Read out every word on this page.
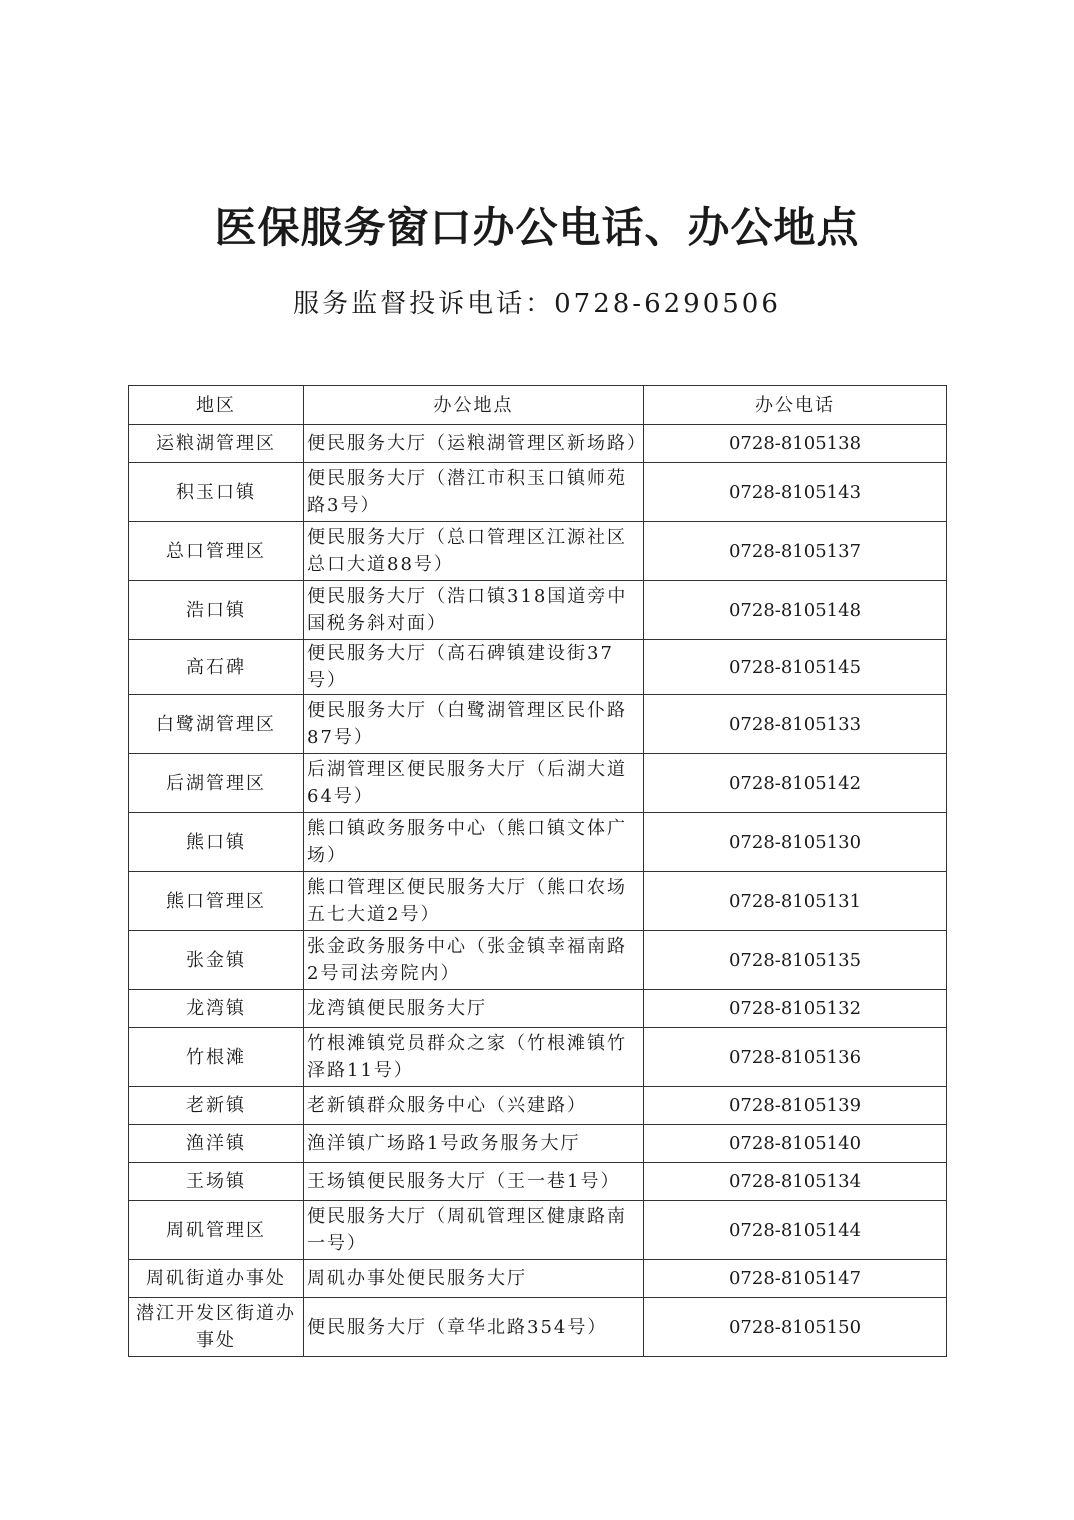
医保服务窗口办公电话、办公地点

服务监督投诉电话：0728-6290506

地区	办公地点	办公电话
运粮湖管理区	便民服务大厅（运粮湖管理区新场路）	0728-8105138
积玉口镇	便民服务大厅（潜江市积玉口镇师苑路3号）	0728-8105143
总口管理区	便民服务大厅（总口管理区江源社区总口大道88号）	0728-8105137
浩口镇	便民服务大厅（浩口镇318国道旁中国税务斜对面）	0728-8105148
高石碑	便民服务大厅（高石碑镇建设街37号）	0728-8105145
白鹭湖管理区	便民服务大厅（白鹭湖管理区民仆路87号）	0728-8105133
后湖管理区	后湖管理区便民服务大厅（后湖大道64号）	0728-8105142
熊口镇	熊口镇政务服务中心（熊口镇文体广场）	0728-8105130
熊口管理区	熊口管理区便民服务大厅（熊口农场五七大道2号）	0728-8105131
张金镇	张金政务服务中心（张金镇幸福南路2号司法旁院内）	0728-8105135
龙湾镇	龙湾镇便民服务大厅	0728-8105132
竹根滩	竹根滩镇党员群众之家（竹根滩镇竹泽路11号）	0728-8105136
老新镇	老新镇群众服务中心（兴建路）	0728-8105139
渔洋镇	渔洋镇广场路1号政务服务大厅	0728-8105140
王场镇	王场镇便民服务大厅（王一巷1号）	0728-8105134
周矶管理区	便民服务大厅（周矶管理区健康路南一号）	0728-8105144
周矶街道办事处	周矶办事处便民服务大厅	0728-8105147
潜江开发区街道办事处	便民服务大厅（章华北路354号）	0728-8105150
